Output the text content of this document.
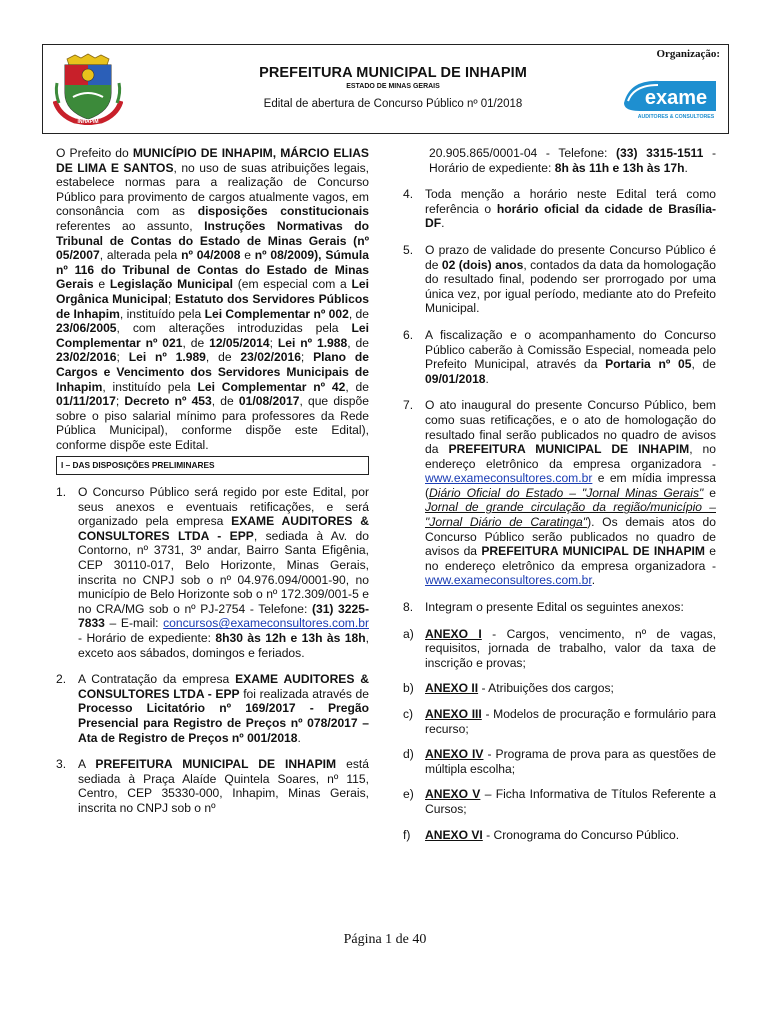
Organização:
INHAPIM
PREFEITURA MUNICIPAL DE INHAPIM
ESTADO DE MINAS GERAIS
Edital de abertura de Concurso Público nº 01/2018	exame
AUDITORES & CONSULTORES

O Prefeito do MUNICÍPIO DE INHAPIM, MÁRCIO ELIAS DE LIMA E SANTOS, no uso de suas atribuições legais, estabelece normas para a realização de Concurso Público para provimento de cargos atualmente vagos, em consonância com as disposições constitucionais referentes ao assunto, Instruções Normativas do Tribunal de Contas do Estado de Minas Gerais (nº 05/2007, alterada pela nº 04/2008 e nº 08/2009), Súmula nº 116 do Tribunal de Contas do Estado de Minas Gerais e Legislação Municipal (em especial com a Lei Orgânica Municipal; Estatuto dos Servidores Públicos de Inhapim, instituído pela Lei Complementar nº 002, de 23/06/2005, com alterações introduzidas pela Lei Complementar nº 021, de 12/05/2014; Lei nº 1.988, de 23/02/2016; Lei nº 1.989, de 23/02/2016; Plano de Cargos e Vencimento dos Servidores Municipais de Inhapim, instituído pela Lei Complementar nº 42, de 01/11/2017; Decreto nº 453, de 01/08/2017, que dispõe sobre o piso salarial mínimo para professores da Rede Pública Municipal), conforme dispõe este Edital), conforme dispõe este Edital.

I – DAS DISPOSIÇÕES PRELIMINARES
1. O Concurso Público será regido por este Edital, por seus anexos e eventuais retificações, e será organizado pela empresa EXAME AUDITORES & CONSULTORES LTDA - EPP, sediada à Av. do Contorno, nº 3731, 3º andar, Bairro Santa Efigênia, CEP 30110-017, Belo Horizonte, Minas Gerais, inscrita no CNPJ sob o nº 04.976.094/0001-90, no município de Belo Horizonte sob o nº 172.309/001-5 e no CRA/MG sob o nº PJ-2754 - Telefone: (31) 3225-7833 – E-mail: concursos@exameconsultores.com.br - Horário de expediente: 8h30 às 12h e 13h às 18h, exceto aos sábados, domingos e feriados.
2. A Contratação da empresa EXAME AUDITORES & CONSULTORES LTDA - EPP foi realizada através de Processo Licitatório nº 169/2017 - Pregão Presencial para Registro de Preços nº 078/2017 – Ata de Registro de Preços nº 001/2018.
3. A PREFEITURA MUNICIPAL DE INHAPIM está sediada à Praça Alaíde Quintela Soares, nº 115, Centro, CEP 35330-000, Inhapim, Minas Gerais, inscrita no CNPJ sob o nº
20.905.865/0001-04 - Telefone: (33) 3315-1511 - Horário de expediente: 8h às 11h e 13h às 17h.
4. Toda menção a horário neste Edital terá como referência o horário oficial da cidade de Brasília-DF.
5. O prazo de validade do presente Concurso Público é de 02 (dois) anos, contados da data da homologação do resultado final, podendo ser prorrogado por uma única vez, por igual período, mediante ato do Prefeito Municipal.
6. A fiscalização e o acompanhamento do Concurso Público caberão à Comissão Especial, nomeada pelo Prefeito Municipal, através da Portaria nº 05, de 09/01/2018.
7. O ato inaugural do presente Concurso Público, bem como suas retificações, e o ato de homologação do resultado final serão publicados no quadro de avisos da PREFEITURA MUNICIPAL DE INHAPIM, no endereço eletrônico da empresa organizadora - www.exameconsultores.com.br e em mídia impressa (Diário Oficial do Estado – "Jornal Minas Gerais" e Jornal de grande circulação da região/município – "Jornal Diário de Caratinga"). Os demais atos do Concurso Público serão publicados no quadro de avisos da PREFEITURA MUNICIPAL DE INHAPIM e no endereço eletrônico da empresa organizadora - www.exameconsultores.com.br.
8. Integram o presente Edital os seguintes anexos:
a) ANEXO I - Cargos, vencimento, nº de vagas, requisitos, jornada de trabalho, valor da taxa de inscrição e provas;
b) ANEXO II - Atribuições dos cargos;
c) ANEXO III - Modelos de procuração e formulário para recurso;
d) ANEXO IV - Programa de prova para as questões de múltipla escolha;
e) ANEXO V – Ficha Informativa de Títulos Referente a Cursos;
f) ANEXO VI - Cronograma do Concurso Público.
Página 1 de 40
